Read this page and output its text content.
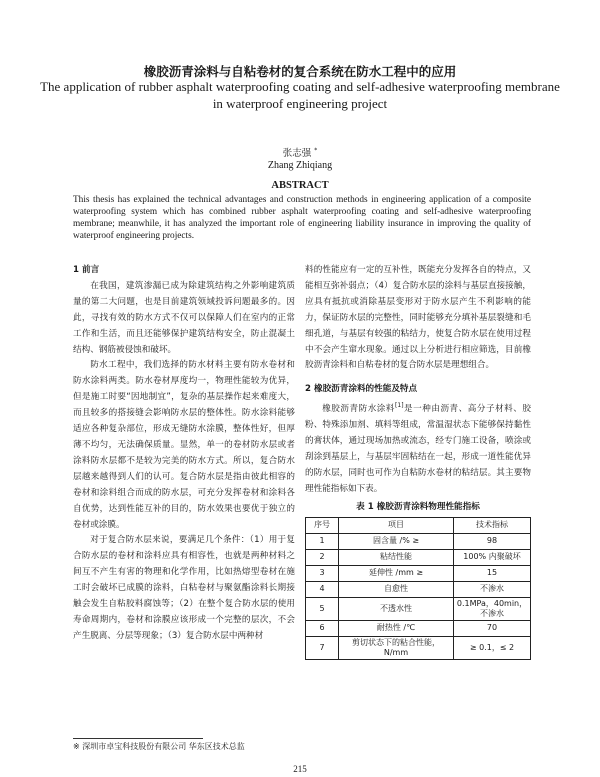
橡胶沥青涂料与自粘卷材的复合系统在防水工程中的应用
The application of rubber asphalt waterproofing coating and self-adhesive waterproofing membrane in waterproof engineering project
张志强 *
Zhang Zhiqiang
ABSTRACT
This thesis has explained the technical advantages and construction methods in engineering application of a composite waterproofing system which has combined rubber asphalt waterproofing coating and self-adhesive waterproofing membrane; meanwhile, it has analyzed the important role of engineering liability insurance in improving the quality of waterproof engineering projects.
1 前言

在我国，建筑渗漏已成为除建筑结构之外影响建筑质量的第二大问题，也是目前建筑领域投诉问题最多的。因此，寻找有效的防水方式不仅可以保障人们在室内的正常工作和生活，而且还能够保护建筑结构安全，防止混凝土结构、钢筋被侵蚀和破坏。

防水工程中，我们选择的防水材料主要有防水卷材和防水涂料两类。防水卷材厚度均一，物理性能较为优异，但是施工时要“因地制宜”，复杂的基层操作起来难度大，而且较多的搭接缝会影响防水层的整体性。防水涂料能够适应各种复杂部位，形成无缝防水涂膜，整体性好，但厚薄不均匀，无法确保质量。显然，单一的卷材防水层或者涂料防水层都不是较为完美的防水方式。所以，复合防水层越来越得到人们的认可。复合防水层是指由彼此相容的卷材和涂料组合而成的防水层，可充分发挥卷材和涂料各自优势，达到性能互补的目的，防水效果也要优于独立的卷材或涂膜。

对于复合防水层来说，要满足几个条件：（1）用于复合防水层的卷材和涂料应具有相容性，也就是两种材料之间互不产生有害的物理和化学作用，比如热熔型卷材在施工时会破坏已成膜的涂料，白粘卷材与聚氨酯涂料长期接触会发生自粘胶料腐蚀等；（2）在整个复合防水层的使用寿命周期内，卷材和涂膜应该形成一个完整的层次，不会产生脱离、分层等现象；（3）复合防水层中两种材

料的性能应有一定的互补性，既能充分发挥各自的特点，又能相互弥补弱点；（4）复合防水层的涂料与基层直接接触，应具有抵抗或消除基层变形对于防水层产生不利影响的能力，保证防水层的完整性，同时能够充分填补基层裂缝和毛细孔道，与基层有较强的粘结力，使复合防水层在使用过程中不会产生窜水现象。通过以上分析进行相应筛选，目前橡胶沥青涂料和自粘卷材的复合防水层是理想组合。

2 橡胶沥青涂料的性能及特点

橡胶沥青防水涂料[1]是一种由沥青、高分子材料、胶粉、特殊添加剂、填料等组成，常温湿状态下能够保持黏性的膏状体，通过现场加热或流态，经专门施工设备，喷涂或刮涂到基层上，与基层牢固粘结在一起，形成一道性能优异的防水层，同时也可作为自粘防水卷材的粘结层。其主要物理性能指标如下表。

表 1 橡胶沥青涂料物理性能指标
序号	项目	技术指标
1	固含量 /% ≥	98
2	粘结性能	100% 内聚破坏
3	延伸性 /mm ≥	15
4	自愈性	不渗水
5	不透水性	0.1MPa，40min，不渗水
6	耐热性 /℃	70
7	剪切状态下的粘合性能，N/mm	≥ 0.1，≤ 2
※ 深圳市卓宝科技股份有限公司 华东区技术总监
215
